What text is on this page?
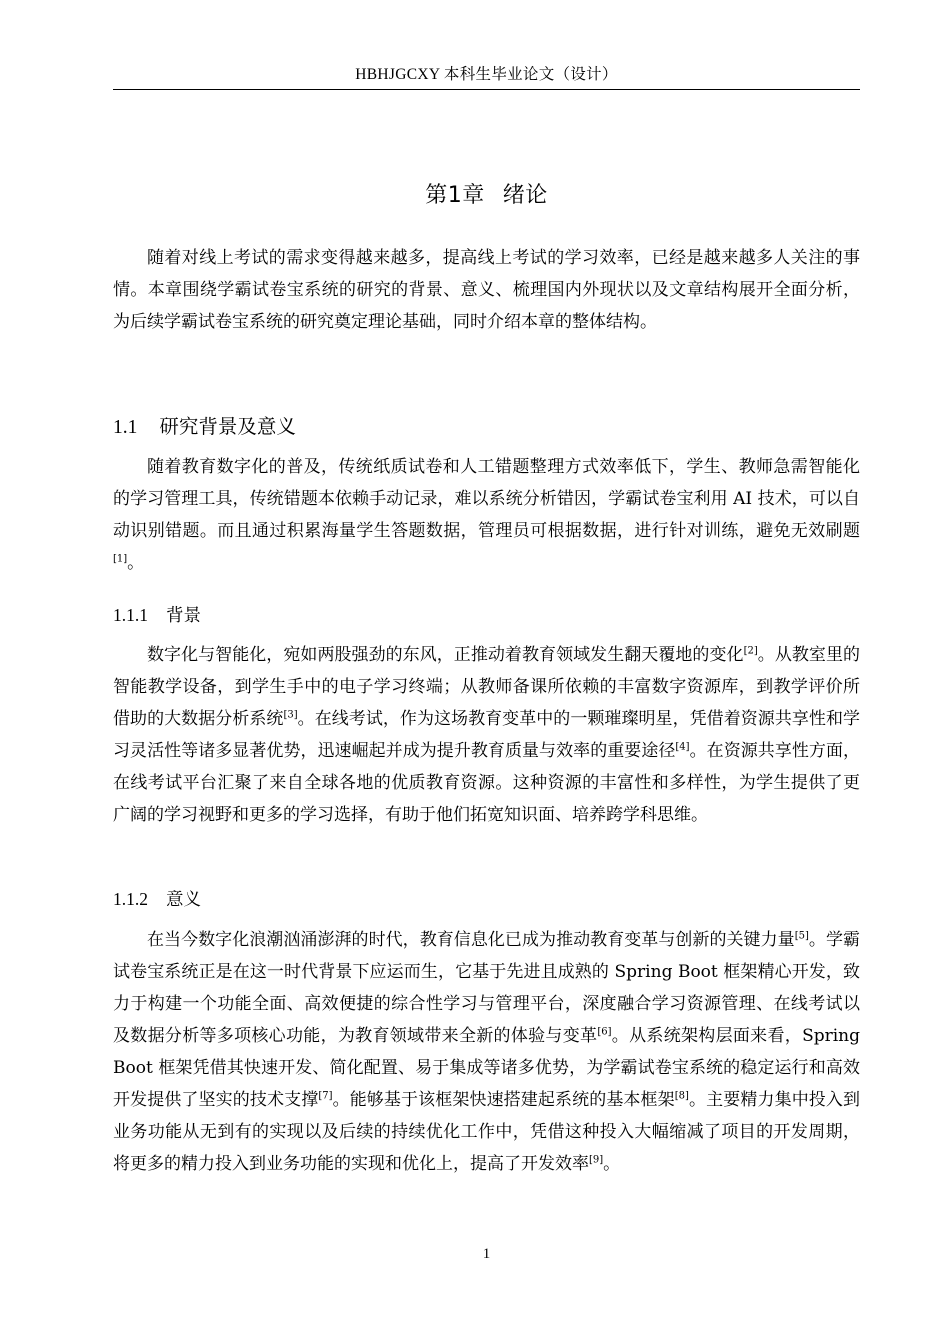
HBHJGCXY 本科生毕业论文（设计）
第1章 绪论

随着对线上考试的需求变得越来越多，提高线上考试的学习效率，已经是越来越多人关注的事情。本章围绕学霸试卷宝系统的研究的背景、意义、梳理国内外现状以及文章结构展开全面分析，为后续学霸试卷宝系统的研究奠定理论基础，同时介绍本章的整体结构。

1.1 研究背景及意义

随着教育数字化的普及，传统纸质试卷和人工错题整理方式效率低下，学生、教师急需智能化的学习管理工具，传统错题本依赖手动记录，难以系统分析错因，学霸试卷宝利用 AI 技术，可以自动识别错题。而且通过积累海量学生答题数据，管理员可根据数据，进行针对训练，避免无效刷题[1]。

1.1.1 背景

数字化与智能化，宛如两股强劲的东风，正推动着教育领域发生翻天覆地的变化[2]。从教室里的智能教学设备，到学生手中的电子学习终端；从教师备课所依赖的丰富数字资源库，到教学评价所借助的大数据分析系统[3]。在线考试，作为这场教育变革中的一颗璀璨明星，凭借着资源共享性和学习灵活性等诸多显著优势，迅速崛起并成为提升教育质量与效率的重要途径[4]。在资源共享性方面，在线考试平台汇聚了来自全球各地的优质教育资源。这种资源的丰富性和多样性，为学生提供了更广阔的学习视野和更多的学习选择，有助于他们拓宽知识面、培养跨学科思维。

1.1.2 意义

在当今数字化浪潮汹涌澎湃的时代，教育信息化已成为推动教育变革与创新的关键力量[5]。学霸试卷宝系统正是在这一时代背景下应运而生，它基于先进且成熟的 Spring Boot 框架精心开发，致力于构建一个功能全面、高效便捷的综合性学习与管理平台，深度融合学习资源管理、在线考试以及数据分析等多项核心功能，为教育领域带来全新的体验与变革[6]。从系统架构层面来看，Spring Boot 框架凭借其快速开发、简化配置、易于集成等诸多优势，为学霸试卷宝系统的稳定运行和高效开发提供了坚实的技术支撑[7]。能够基于该框架快速搭建起系统的基本框架[8]。主要精力集中投入到业务功能从无到有的实现以及后续的持续优化工作中，凭借这种投入大幅缩减了项目的开发周期，将更多的精力投入到业务功能的实现和优化上，提高了开发效率[9]。

1
